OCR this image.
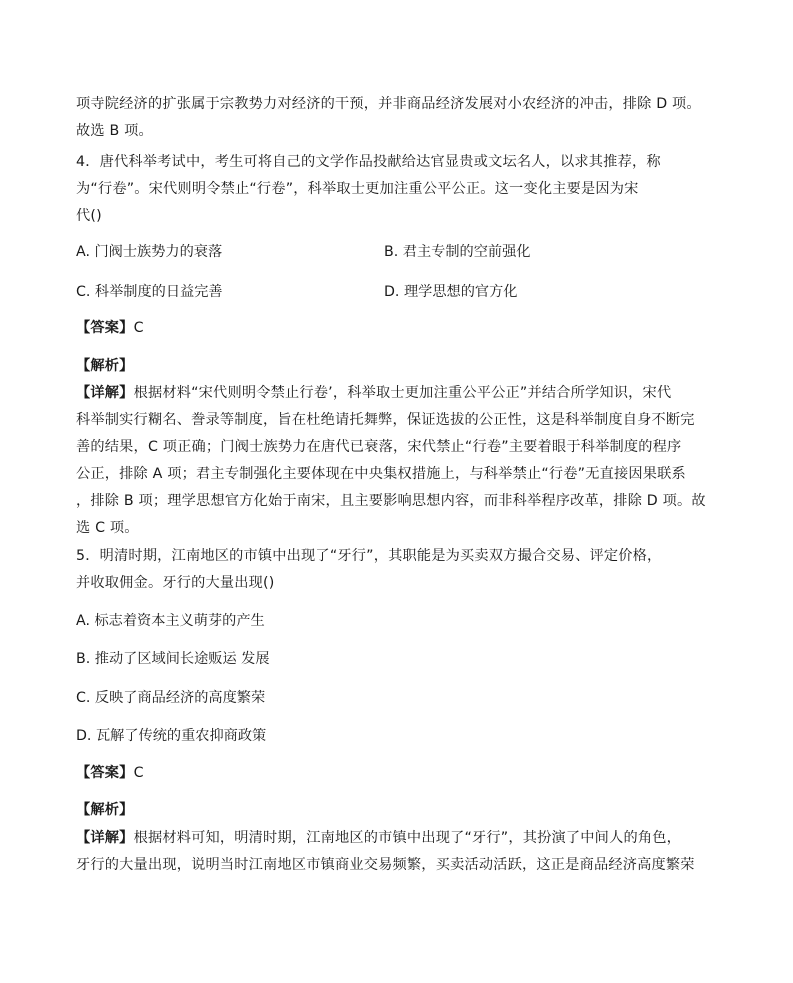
项寺院经济的扩张属于宗教势力对经济的干预，并非商品经济发展对小农经济的冲击，排除 D 项。
故选 B 项。
4．唐代科举考试中，考生可将自己的文学作品投献给达官显贵或文坛名人，以求其推荐，称
为“行卷”。宋代则明令禁止“行卷”，科举取士更加注重公平公正。这一变化主要是因为宋
代()
A. 门阀士族势力的衰落	B. 君主专制的空前强化
C. 科举制度的日益完善	D. 理学思想的官方化
【答案】C
【解析】
【详解】根据材料“宋代则明令禁止行卷’，科举取士更加注重公平公正”并结合所学知识，宋代
科举制实行糊名、誊录等制度，旨在杜绝请托舞弊，保证选拔的公正性，这是科举制度自身不断完
善的结果，C 项正确；门阀士族势力在唐代已衰落，宋代禁止“行卷”主要着眼于科举制度的程序
公正，排除 A 项；君主专制强化主要体现在中央集权措施上，与科举禁止“行卷”无直接因果联系
，排除 B 项；理学思想官方化始于南宋，且主要影响思想内容，而非科举程序改革，排除 D 项。故
选 C 项。
5．明清时期，江南地区的市镇中出现了“牙行”，其职能是为买卖双方撮合交易、评定价格，
并收取佣金。牙行的大量出现()
A. 标志着资本主义萌芽的产生
B. 推动了区域间长途贩运 发展
C. 反映了商品经济的高度繁荣
D. 瓦解了传统的重农抑商政策
【答案】C
【解析】
【详解】根据材料可知，明清时期，江南地区的市镇中出现了“牙行”，其扮演了中间人的角色，
牙行的大量出现，说明当时江南地区市镇商业交易频繁，买卖活动活跃，这正是商品经济高度繁荣
